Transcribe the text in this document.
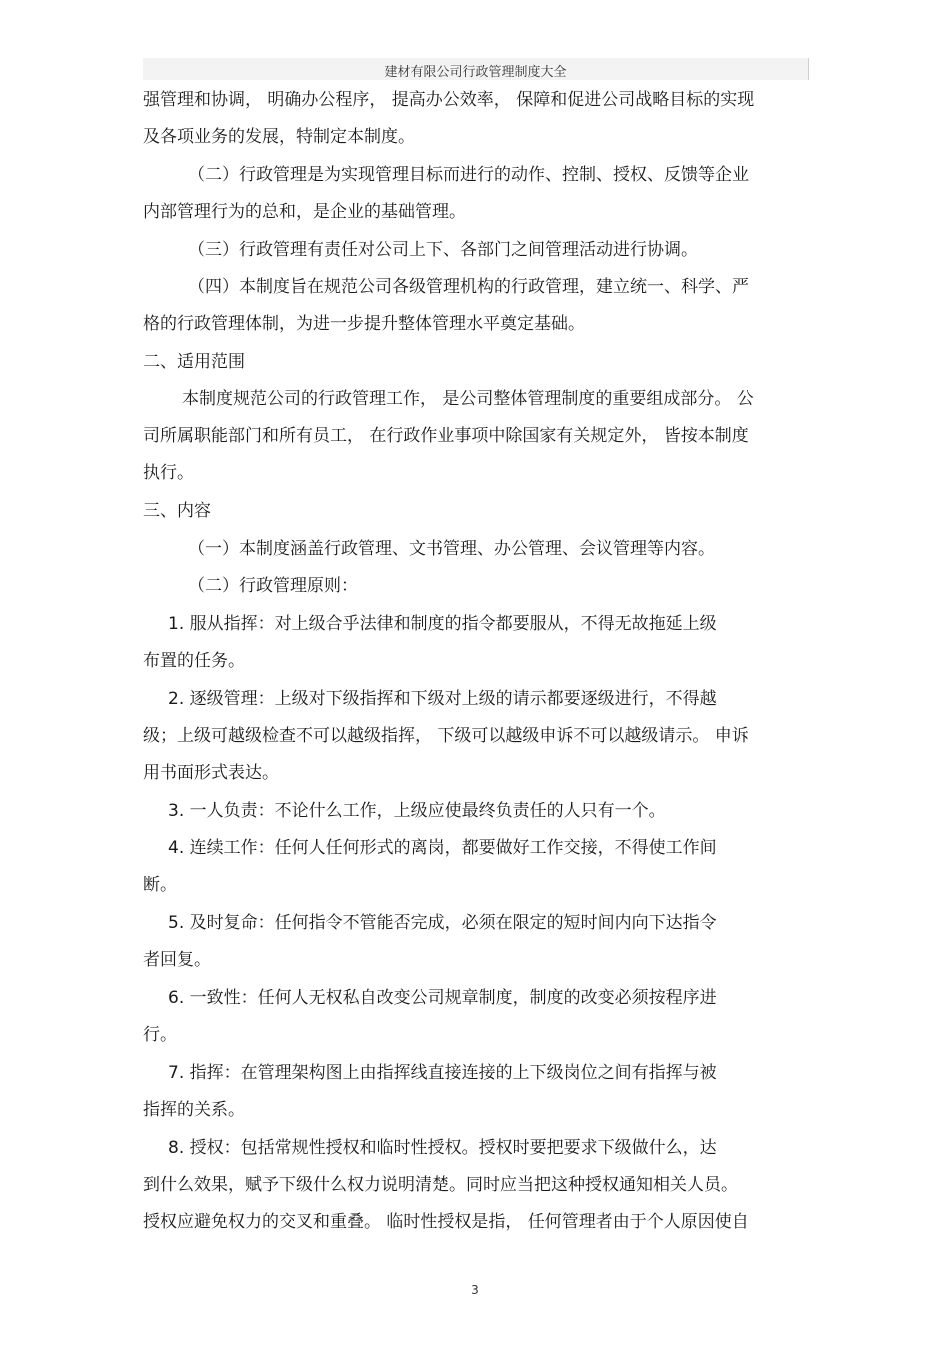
建材有限公司行政管理制度大全
强管理和协调， 明确办公程序， 提高办公效率， 保障和促进公司战略目标的实现
及各项业务的发展，特制定本制度。
（二）行政管理是为实现管理目标而进行的动作、控制、授权、反馈等企业
内部管理行为的总和，是企业的基础管理。
（三）行政管理有责任对公司上下、各部门之间管理活动进行协调。
（四）本制度旨在规范公司各级管理机构的行政管理，建立统一、科学、严
格的行政管理体制，为进一步提升整体管理水平奠定基础。
二、适用范围
本制度规范公司的行政管理工作， 是公司整体管理制度的重要组成部分。 公
司所属职能部门和所有员工， 在行政作业事项中除国家有关规定外， 皆按本制度
执行。
三、内容
（一）本制度涵盖行政管理、文书管理、办公管理、会议管理等内容。
（二）行政管理原则：
1. 服从指挥：对上级合乎法律和制度的指令都要服从，不得无故拖延上级
布置的任务。
2. 逐级管理：上级对下级指挥和下级对上级的请示都要逐级进行，不得越
级；上级可越级检查不可以越级指挥， 下级可以越级申诉不可以越级请示。 申诉
用书面形式表达。
3. 一人负责：不论什么工作，上级应使最终负责任的人只有一个。
4. 连续工作：任何人任何形式的离岗，都要做好工作交接，不得使工作间
断。
5. 及时复命：任何指令不管能否完成，必须在限定的短时间内向下达指令
者回复。
6. 一致性：任何人无权私自改变公司规章制度，制度的改变必须按程序进
行。
7. 指挥：在管理架构图上由指挥线直接连接的上下级岗位之间有指挥与被
指挥的关系。
8. 授权：包括常规性授权和临时性授权。授权时要把要求下级做什么，达
到什么效果，赋予下级什么权力说明清楚。同时应当把这种授权通知相关人员。
授权应避免权力的交叉和重叠。 临时性授权是指， 任何管理者由于个人原因使自
3
